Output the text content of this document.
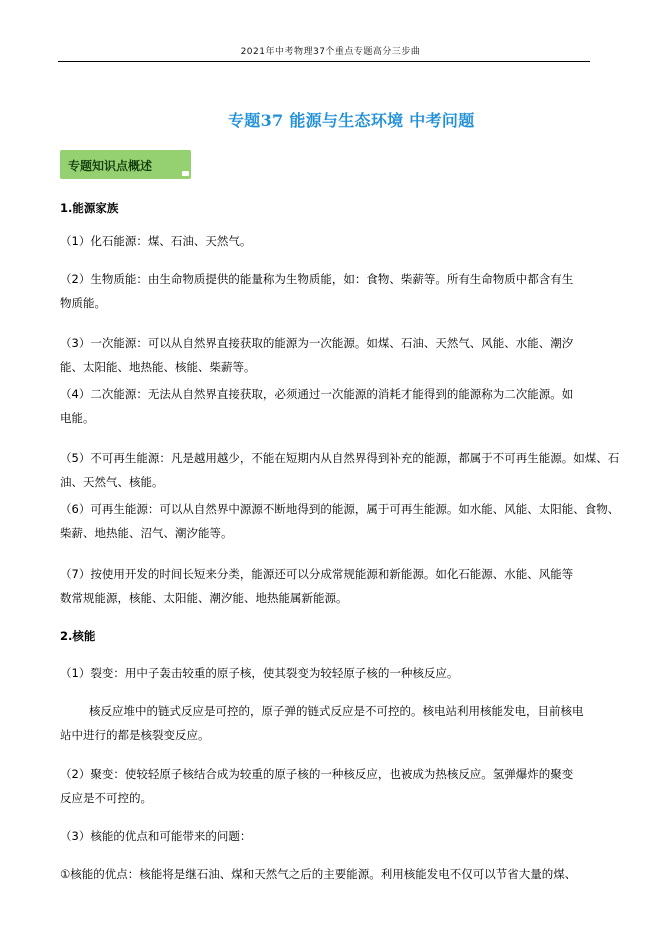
2021年中考物理37个重点专题高分三步曲
专题37 能源与生态环境 中考问题
专题知识点概述
1.能源家族
（1）化石能源：煤、石油、天然气。
（2）生物质能：由生命物质提供的能量称为生物质能，如：食物、柴薪等。所有生命物质中都含有生
物质能。
（3）一次能源：可以从自然界直接获取的能源为一次能源。如煤、石油、天然气、风能、水能、潮汐
能、太阳能、地热能、核能、柴薪等。
（4）二次能源：无法从自然界直接获取，必须通过一次能源的消耗才能得到的能源称为二次能源。如
电能。
（5）不可再生能源：凡是越用越少，不能在短期内从自然界得到补充的能源，都属于不可再生能源。如煤、石
油、天然气、核能。
（6）可再生能源：可以从自然界中源源不断地得到的能源，属于可再生能源。如水能、风能、太阳能、食物、
柴薪、地热能、沼气、潮汐能等。
（7）按使用开发的时间长短来分类，能源还可以分成常规能源和新能源。如化石能源、水能、风能等
数常规能源，核能、太阳能、潮汐能、地热能属新能源。
2.核能
（1）裂变：用中子轰击较重的原子核，使其裂变为较轻原子核的一种核反应。
核反应堆中的链式反应是可控的，原子弹的链式反应是不可控的。核电站利用核能发电，目前核电
站中进行的都是核裂变反应。
（2）聚变：使较轻原子核结合成为较重的原子核的一种核反应，也被成为热核反应。氢弹爆炸的聚变
反应是不可控的。
（3）核能的优点和可能带来的问题：
①核能的优点：核能将是继石油、煤和天然气之后的主要能源。利用核能发电不仅可以节省大量的煤、
